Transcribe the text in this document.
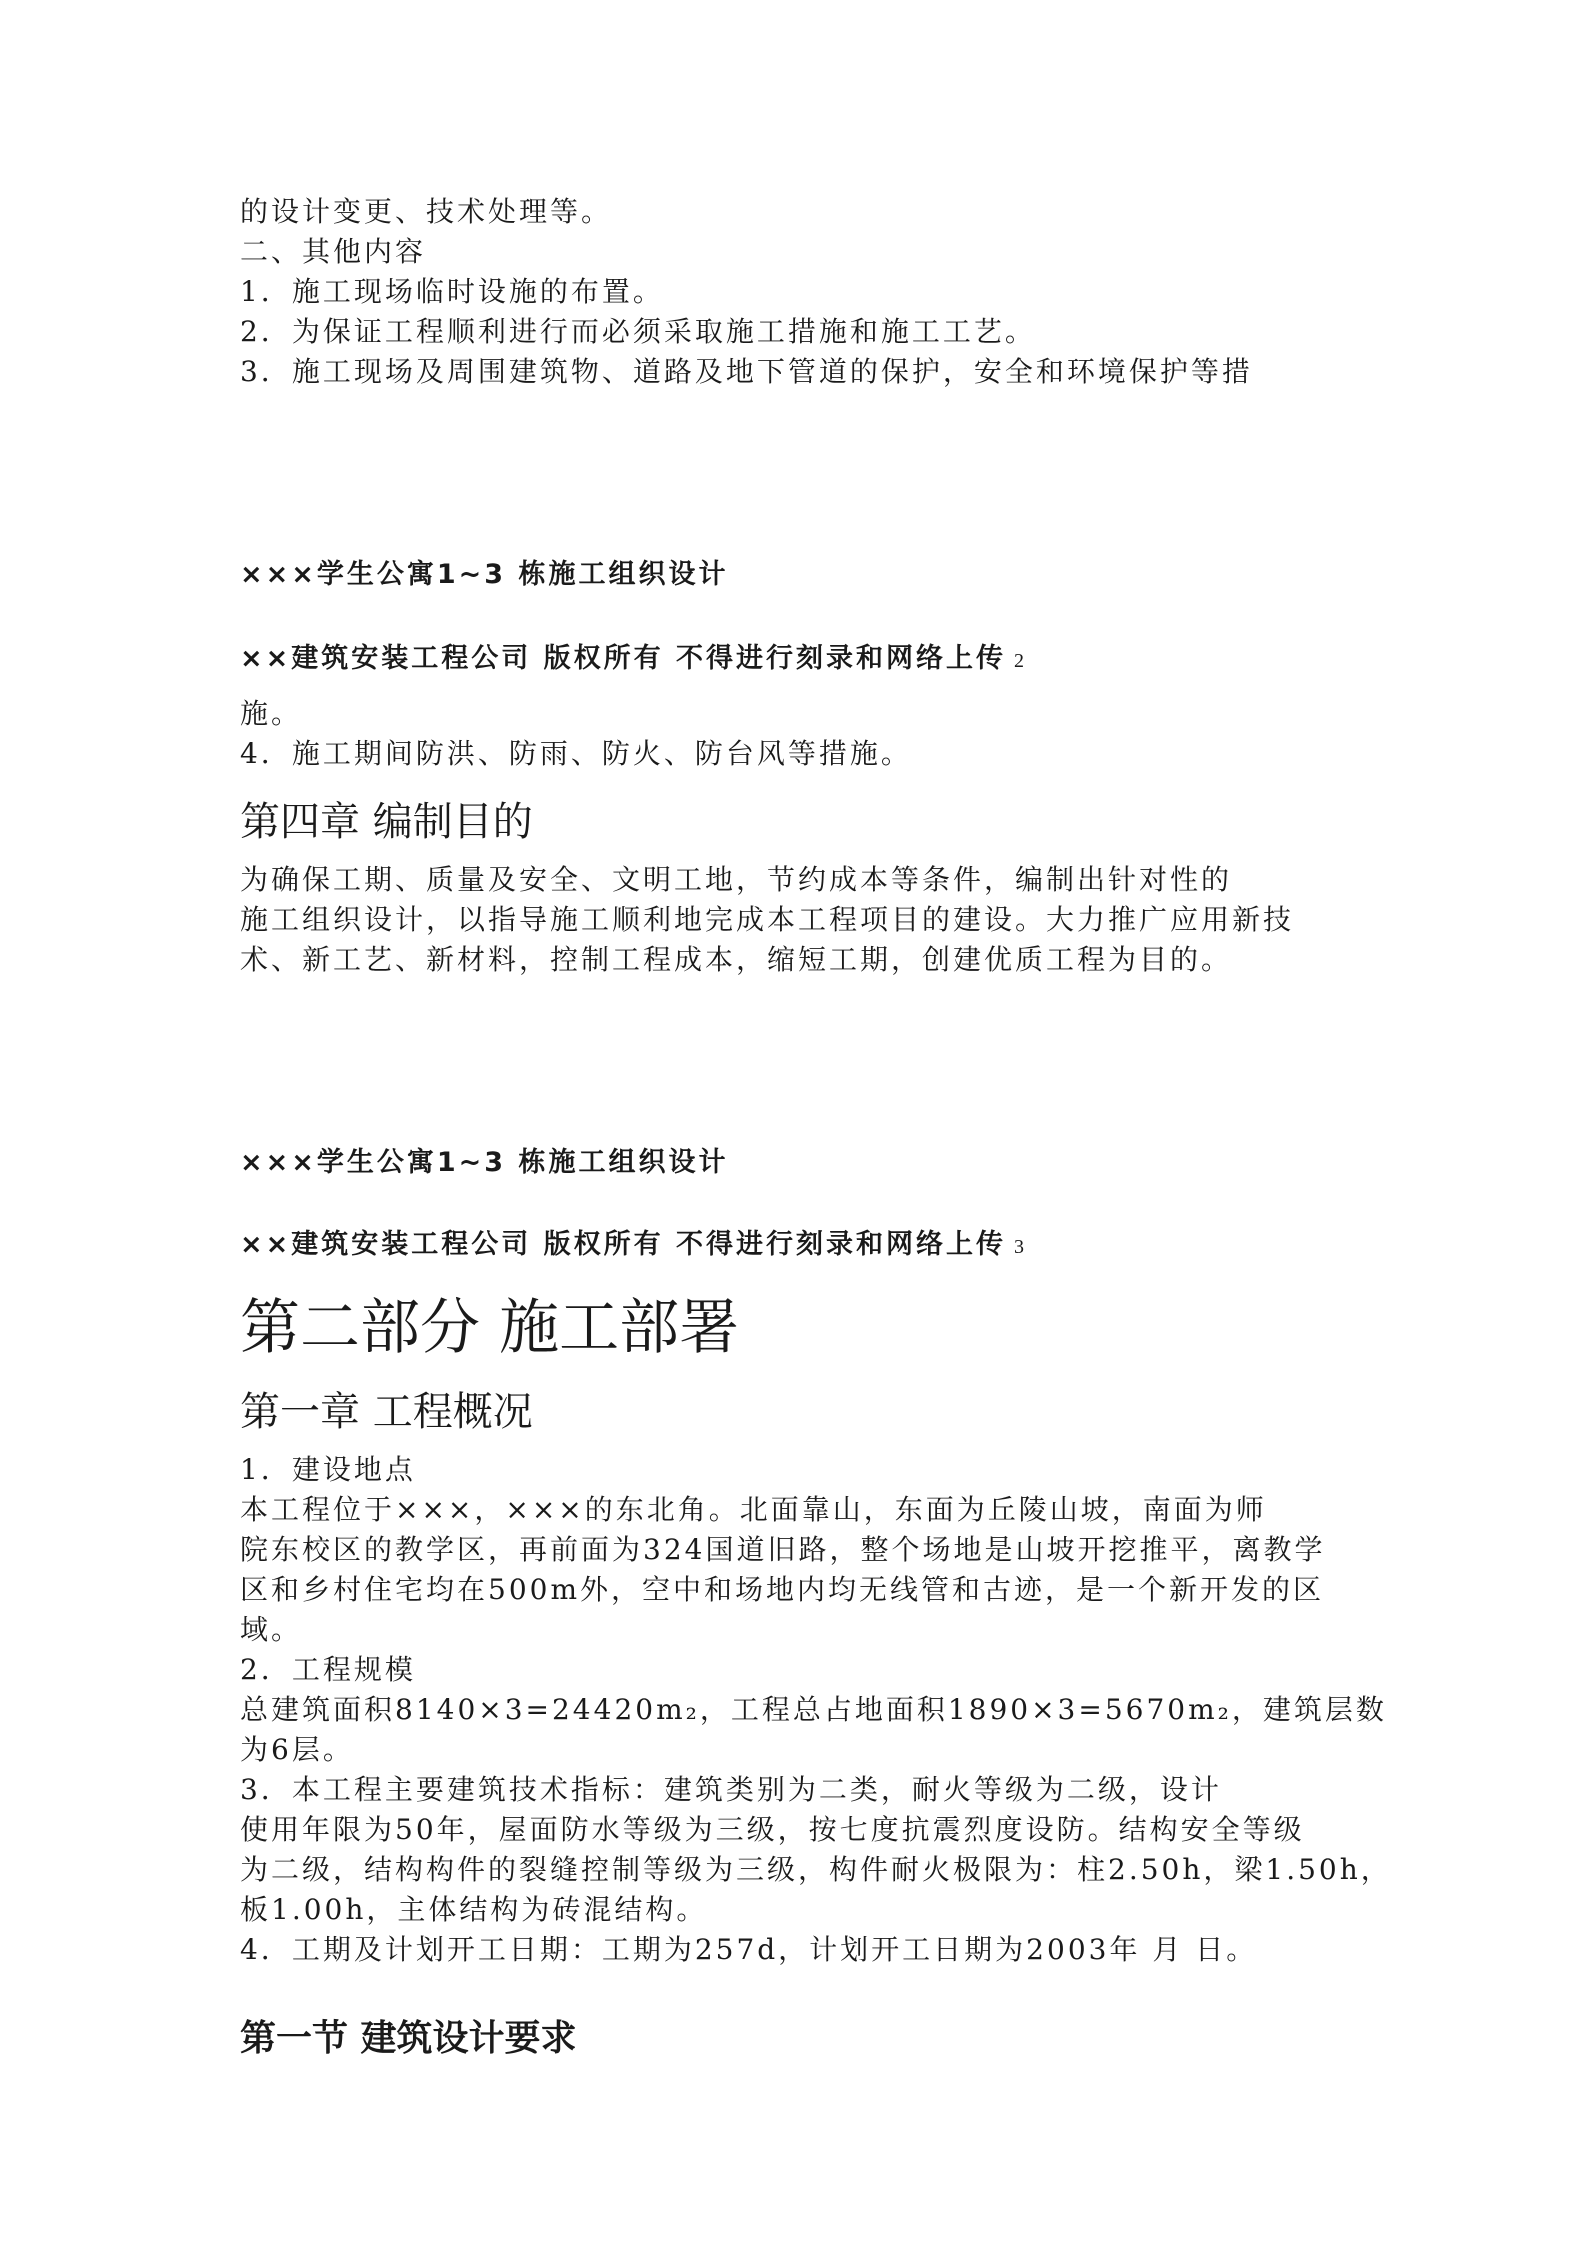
的设计变更、技术处理等。

二、其他内容

1．施工现场临时设施的布置。

2．为保证工程顺利进行而必须采取施工措施和施工工艺。

3．施工现场及周围建筑物、道路及地下管道的保护，安全和环境保护等措

×××学生公寓1~3 栋施工组织设计

××建筑安装工程公司 版权所有 不得进行刻录和网络上传 2

施。

4．施工期间防洪、防雨、防火、防台风等措施。

第四章 编制目的

为确保工期、质量及安全、文明工地，节约成本等条件，编制出针对性的

施工组织设计，以指导施工顺利地完成本工程项目的建设。大力推广应用新技

术、新工艺、新材料，控制工程成本，缩短工期，创建优质工程为目的。

×××学生公寓1~3 栋施工组织设计

××建筑安装工程公司 版权所有 不得进行刻录和网络上传 3

第二部分 施工部署
第一章 工程概况

1．建设地点

本工程位于×××，×××的东北角。北面靠山，东面为丘陵山坡，南面为师

院东校区的教学区，再前面为324国道旧路，整个场地是山坡开挖推平，离教学

区和乡村住宅均在500m外，空中和场地内均无线管和古迹，是一个新开发的区

域。

2．工程规模

总建筑面积8140×3=24420m₂，工程总占地面积1890×3=5670m₂，建筑层数

为6层。

3．本工程主要建筑技术指标：建筑类别为二类，耐火等级为二级，设计

使用年限为50年，屋面防水等级为三级，按七度抗震烈度设防。结构安全等级

为二级，结构构件的裂缝控制等级为三级，构件耐火极限为：柱2.50h，梁1.50h，

板1.00h，主体结构为砖混结构。

4．工期及计划开工日期：工期为257d，计划开工日期为2003年 月 日。

第一节 建筑设计要求
